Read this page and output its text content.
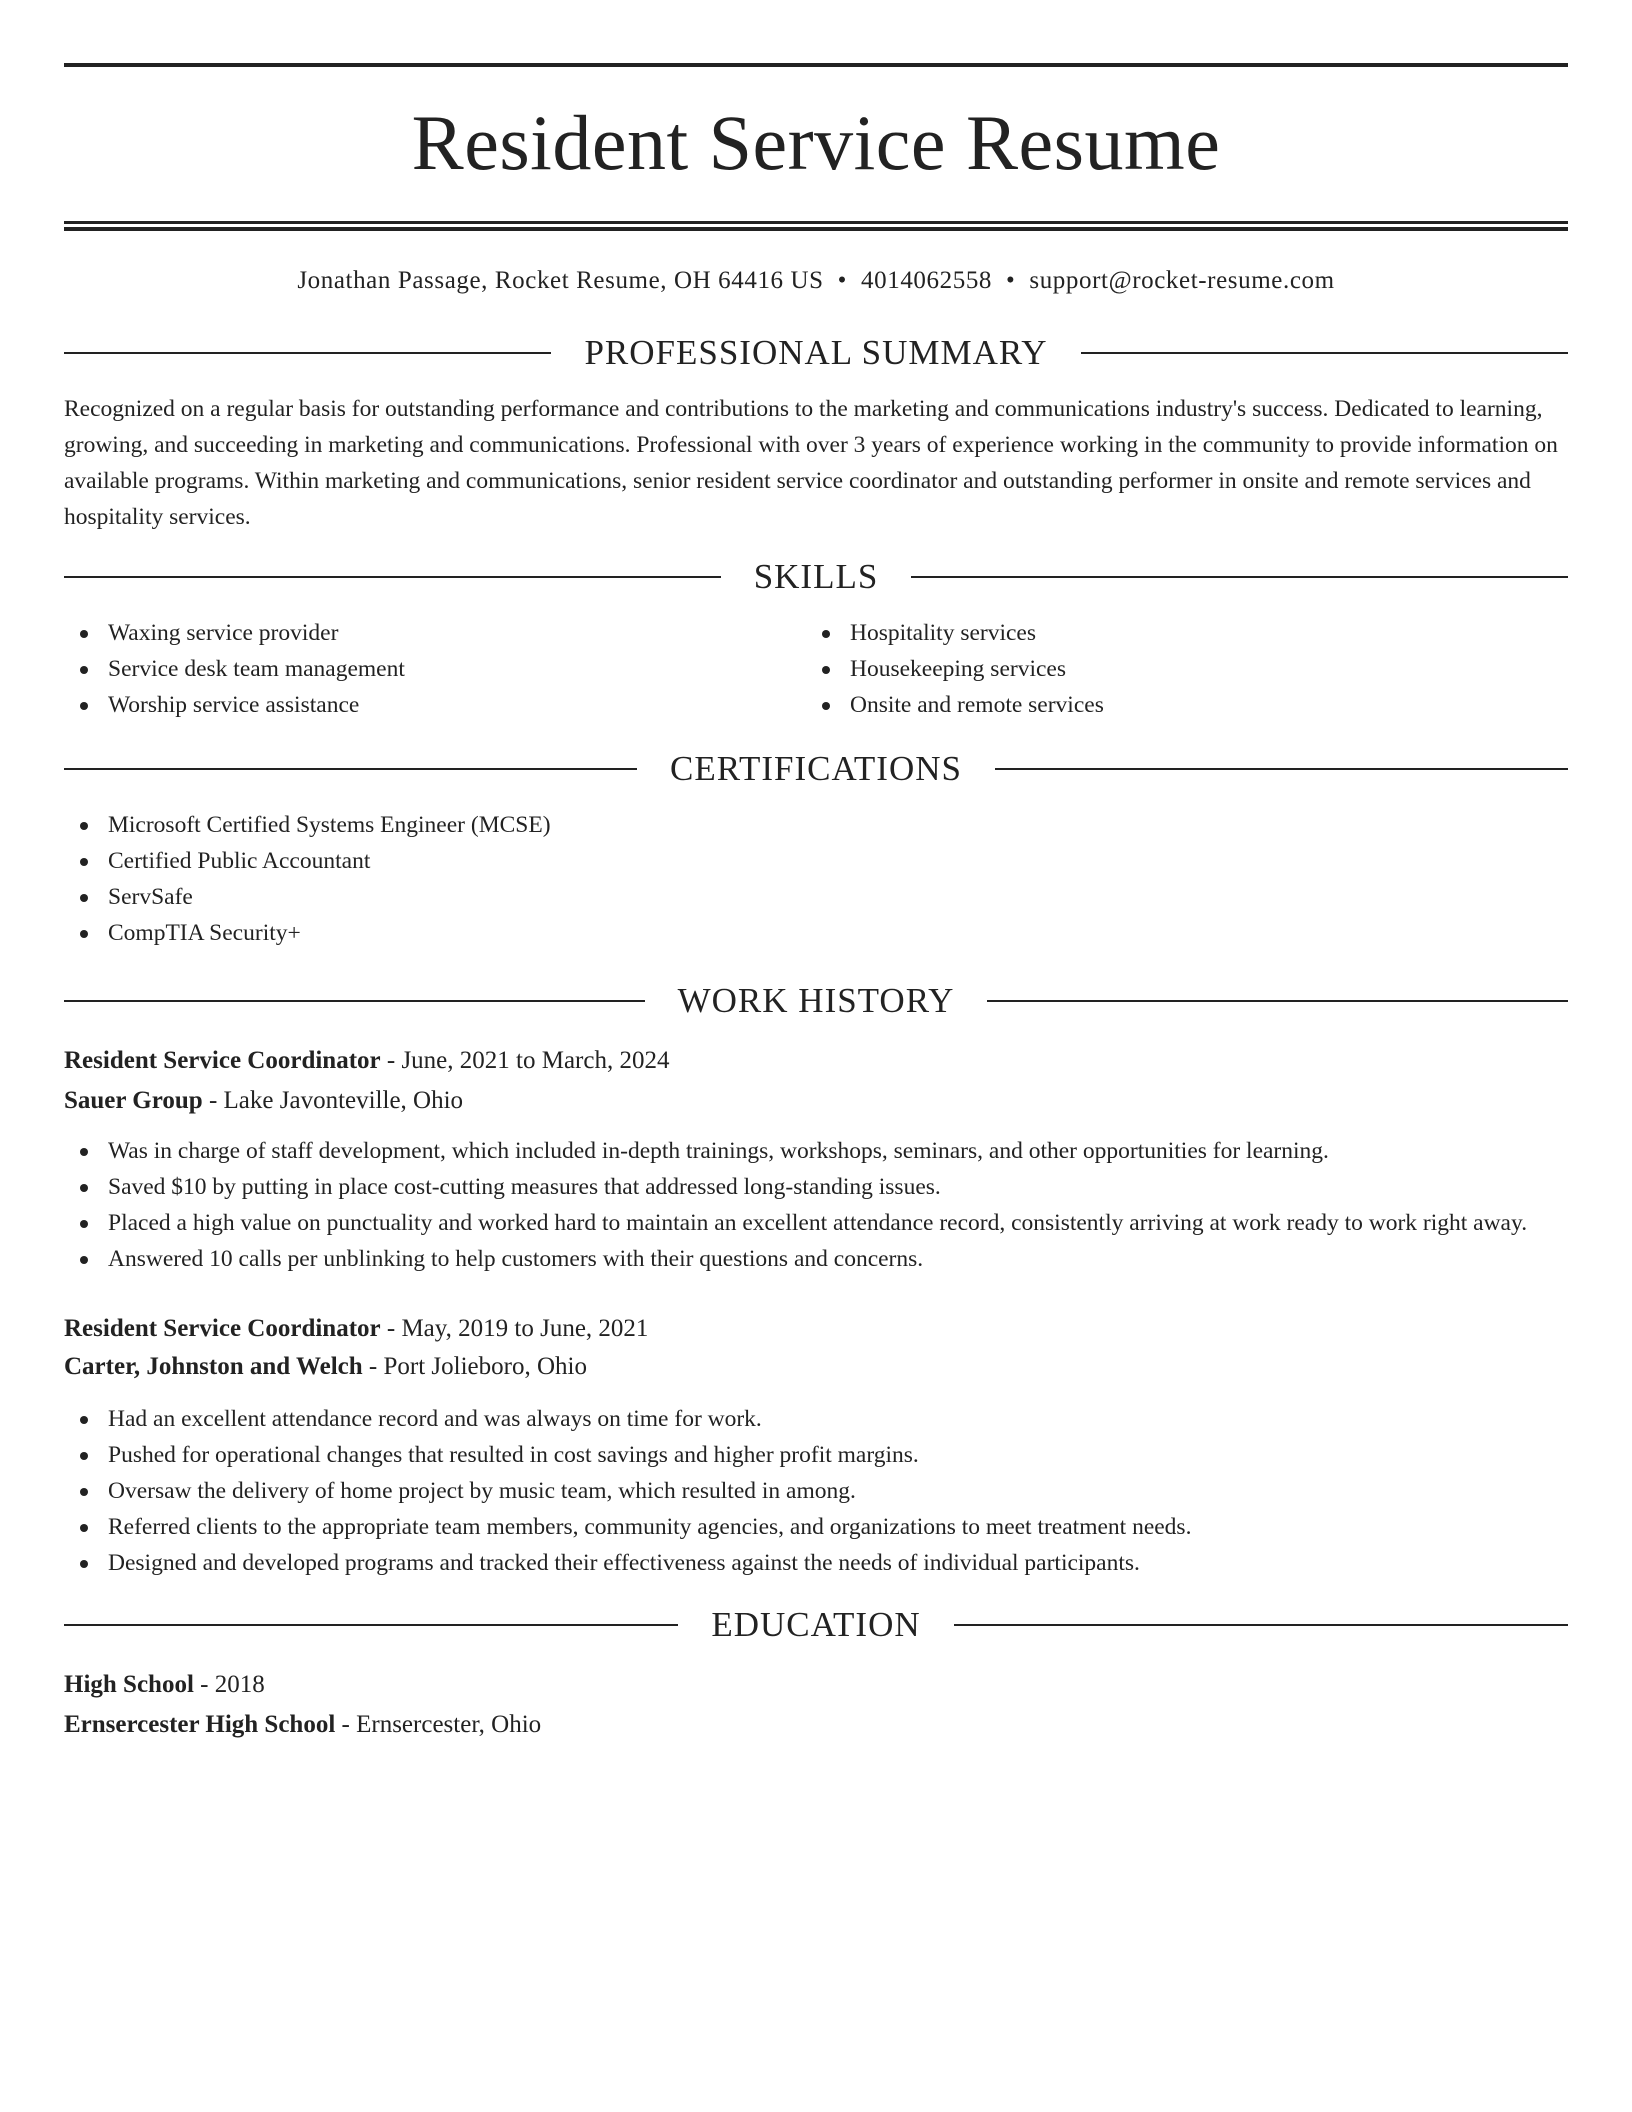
Resident Service Resume
Jonathan Passage, Rocket Resume, OH 64416 US • 4014062558 • support@rocket-resume.com
PROFESSIONAL SUMMARY
Recognized on a regular basis for outstanding performance and contributions to the marketing and communications industry's success. Dedicated to learning, growing, and succeeding in marketing and communications. Professional with over 3 years of experience working in the community to provide information on available programs. Within marketing and communications, senior resident service coordinator and outstanding performer in onsite and remote services and hospitality services.
SKILLS
Waxing service provider
Service desk team management
Worship service assistance
Hospitality services
Housekeeping services
Onsite and remote services
CERTIFICATIONS
Microsoft Certified Systems Engineer (MCSE)
Certified Public Accountant
ServSafe
CompTIA Security+
WORK HISTORY
Resident Service Coordinator - June, 2021 to March, 2024
Sauer Group - Lake Javonteville, Ohio
Was in charge of staff development, which included in-depth trainings, workshops, seminars, and other opportunities for learning.
Saved $10 by putting in place cost-cutting measures that addressed long-standing issues.
Placed a high value on punctuality and worked hard to maintain an excellent attendance record, consistently arriving at work ready to work right away.
Answered 10 calls per unblinking to help customers with their questions and concerns.
Resident Service Coordinator - May, 2019 to June, 2021
Carter, Johnston and Welch - Port Jolieboro, Ohio
Had an excellent attendance record and was always on time for work.
Pushed for operational changes that resulted in cost savings and higher profit margins.
Oversaw the delivery of home project by music team, which resulted in among.
Referred clients to the appropriate team members, community agencies, and organizations to meet treatment needs.
Designed and developed programs and tracked their effectiveness against the needs of individual participants.
EDUCATION
High School - 2018
Ernsercester High School - Ernsercester, Ohio
